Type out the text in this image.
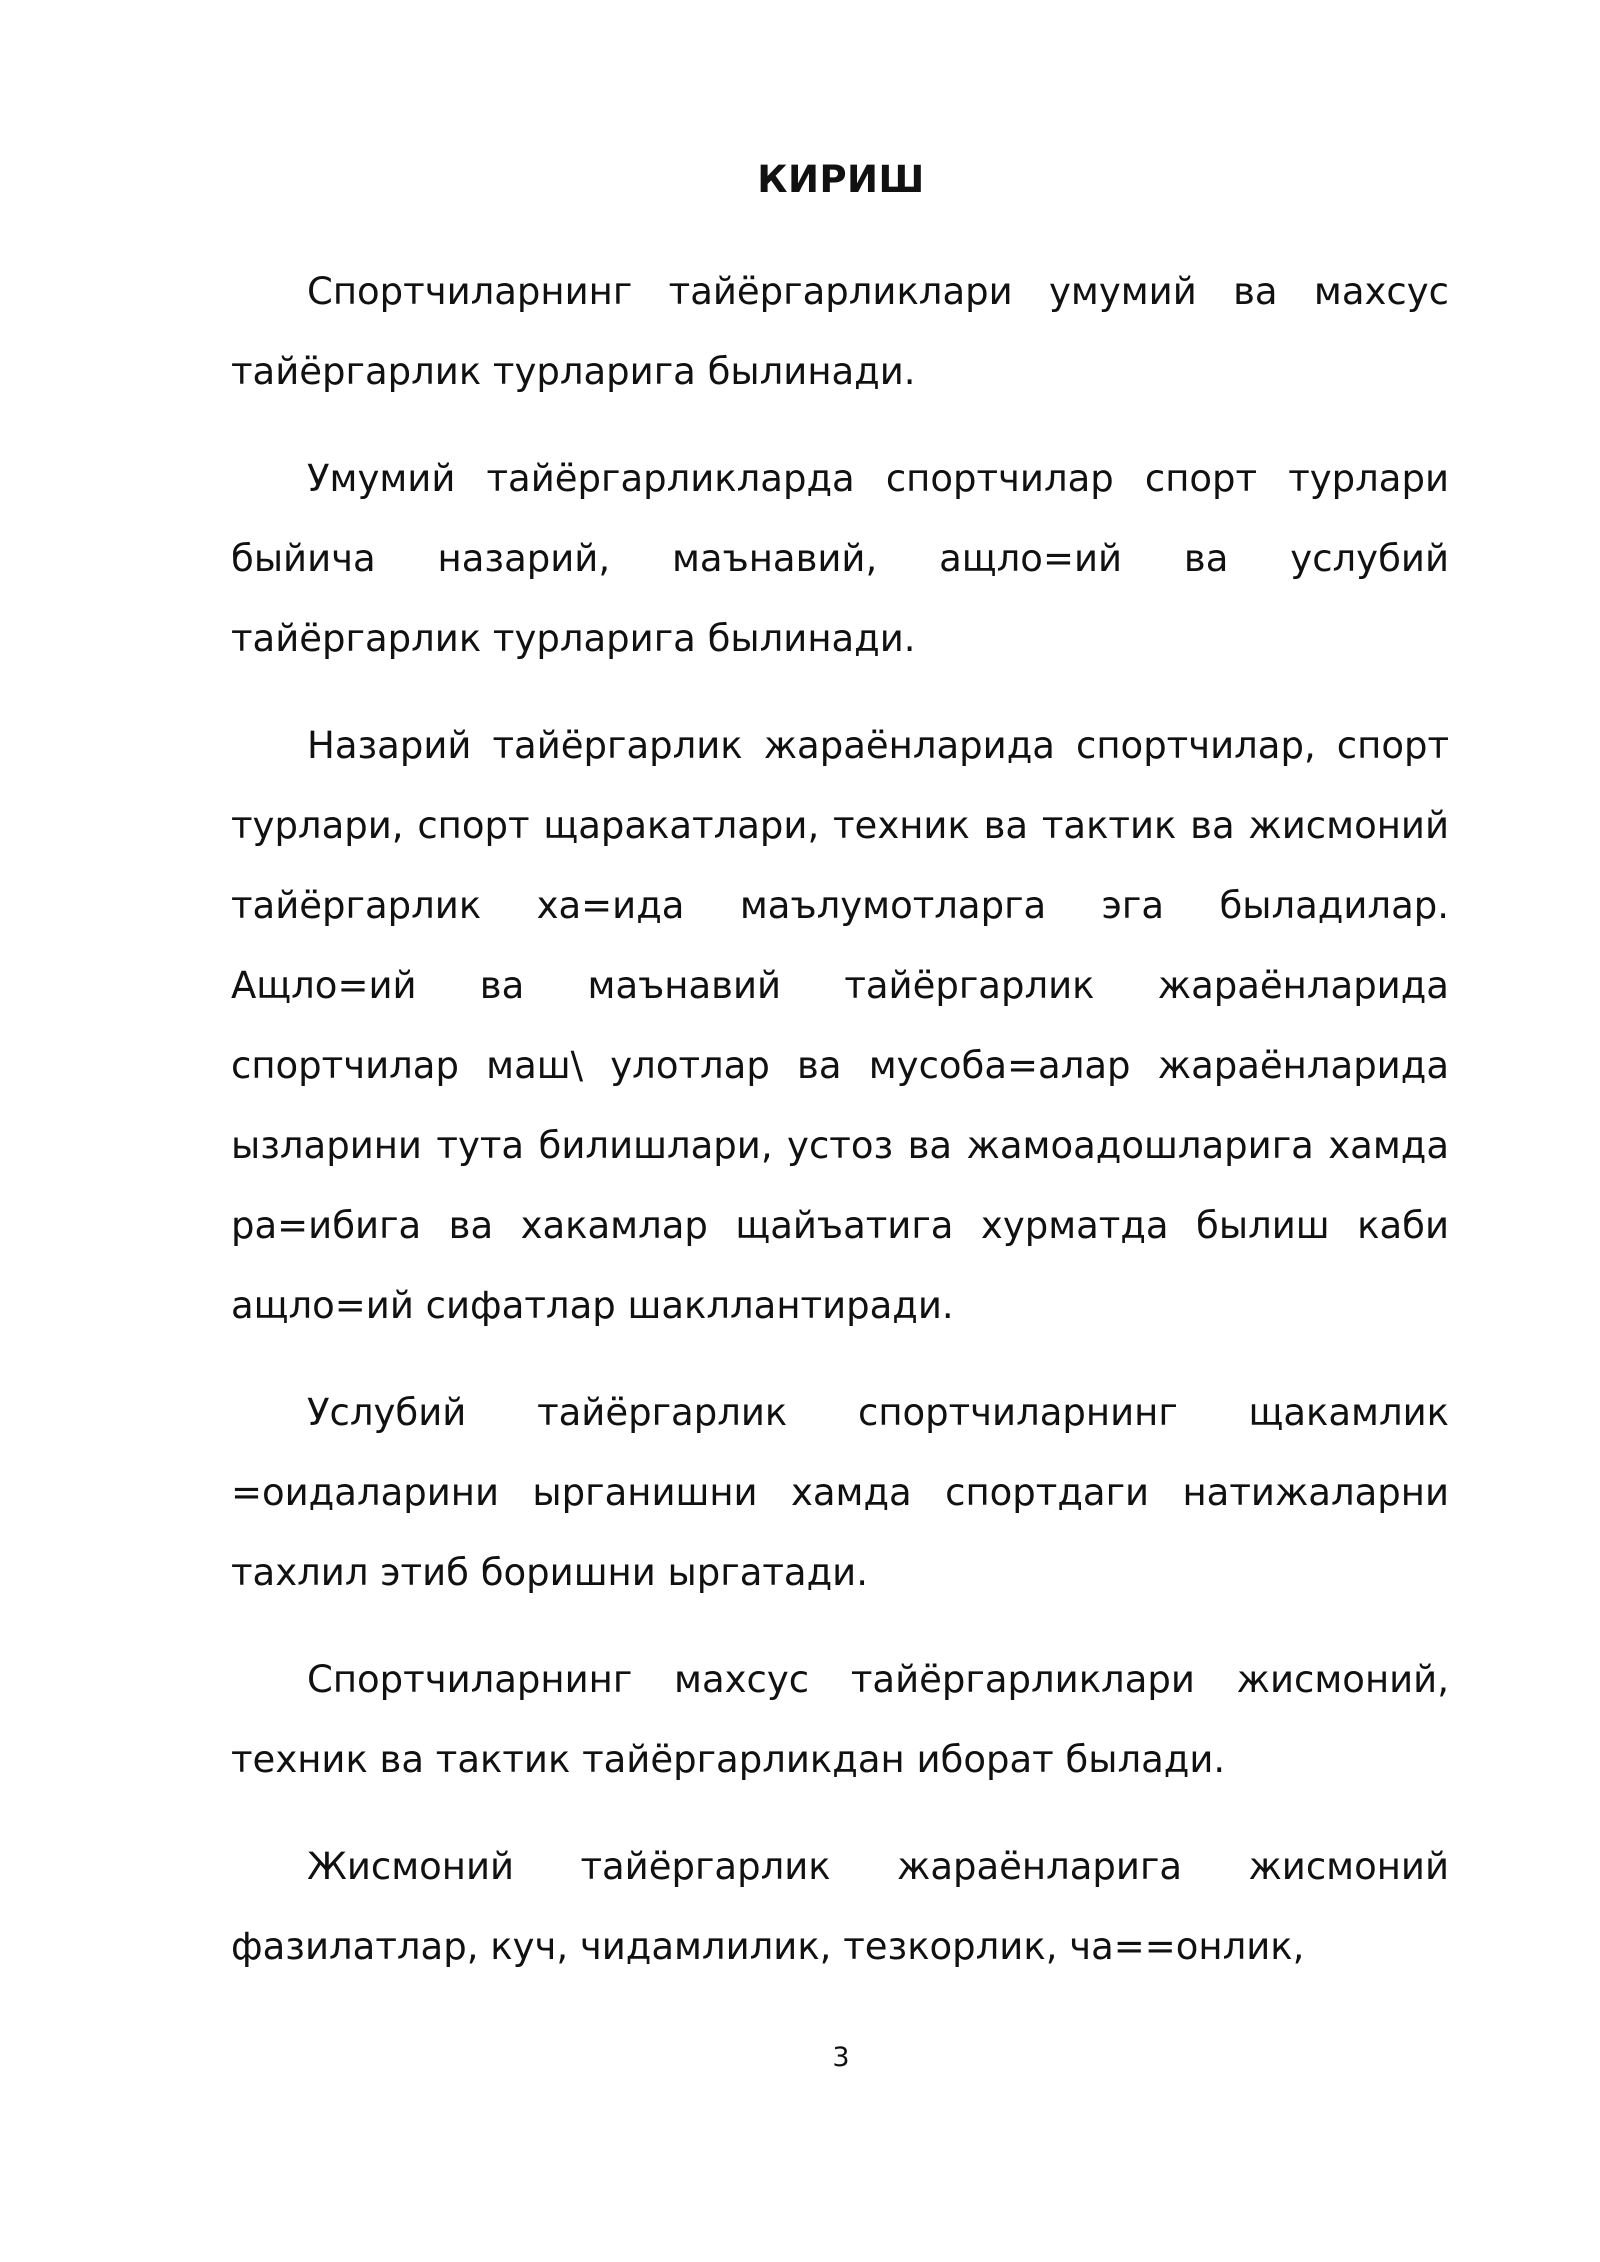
КИРИШ

Спортчиларнинг тайёргарликлари умумий ва махсус тайёргарлик турларига былинади.

Умумий тайёргарликларда спортчилар спорт турлари быйича назарий, маънавий, ащло=ий ва услубий тайёргарлик турларига былинади.

Назарий тайёргарлик жараёнларида спортчилар, спорт турлари, спорт щаракатлари, техник ва тактик ва жисмоний тайёргарлик ха=ида маълумотларга эга быладилар. Ащло=ий ва маънавий тайёргарлик жараёнларида спортчилар маш\ улотлар ва мусоба=алар жараёнларида ызларини тута билишлари, устоз ва жамоадошларига хамда ра=ибига ва хакамлар щайъатига хурматда былиш каби ащло=ий сифатлар шакллантиради.

Услубий тайёргарлик спортчиларнинг щакамлик =оидаларини ырганишни хамда спортдаги натижаларни тахлил этиб боришни ыргатади.

Спортчиларнинг махсус тайёргарликлари жисмоний, техник ва тактик тайёргарликдан иборат былади.

Жисмоний тайёргарлик жараёнларига жисмоний фазилатлар, куч, чидамлилик, тезкорлик, ча==онлик,

3
